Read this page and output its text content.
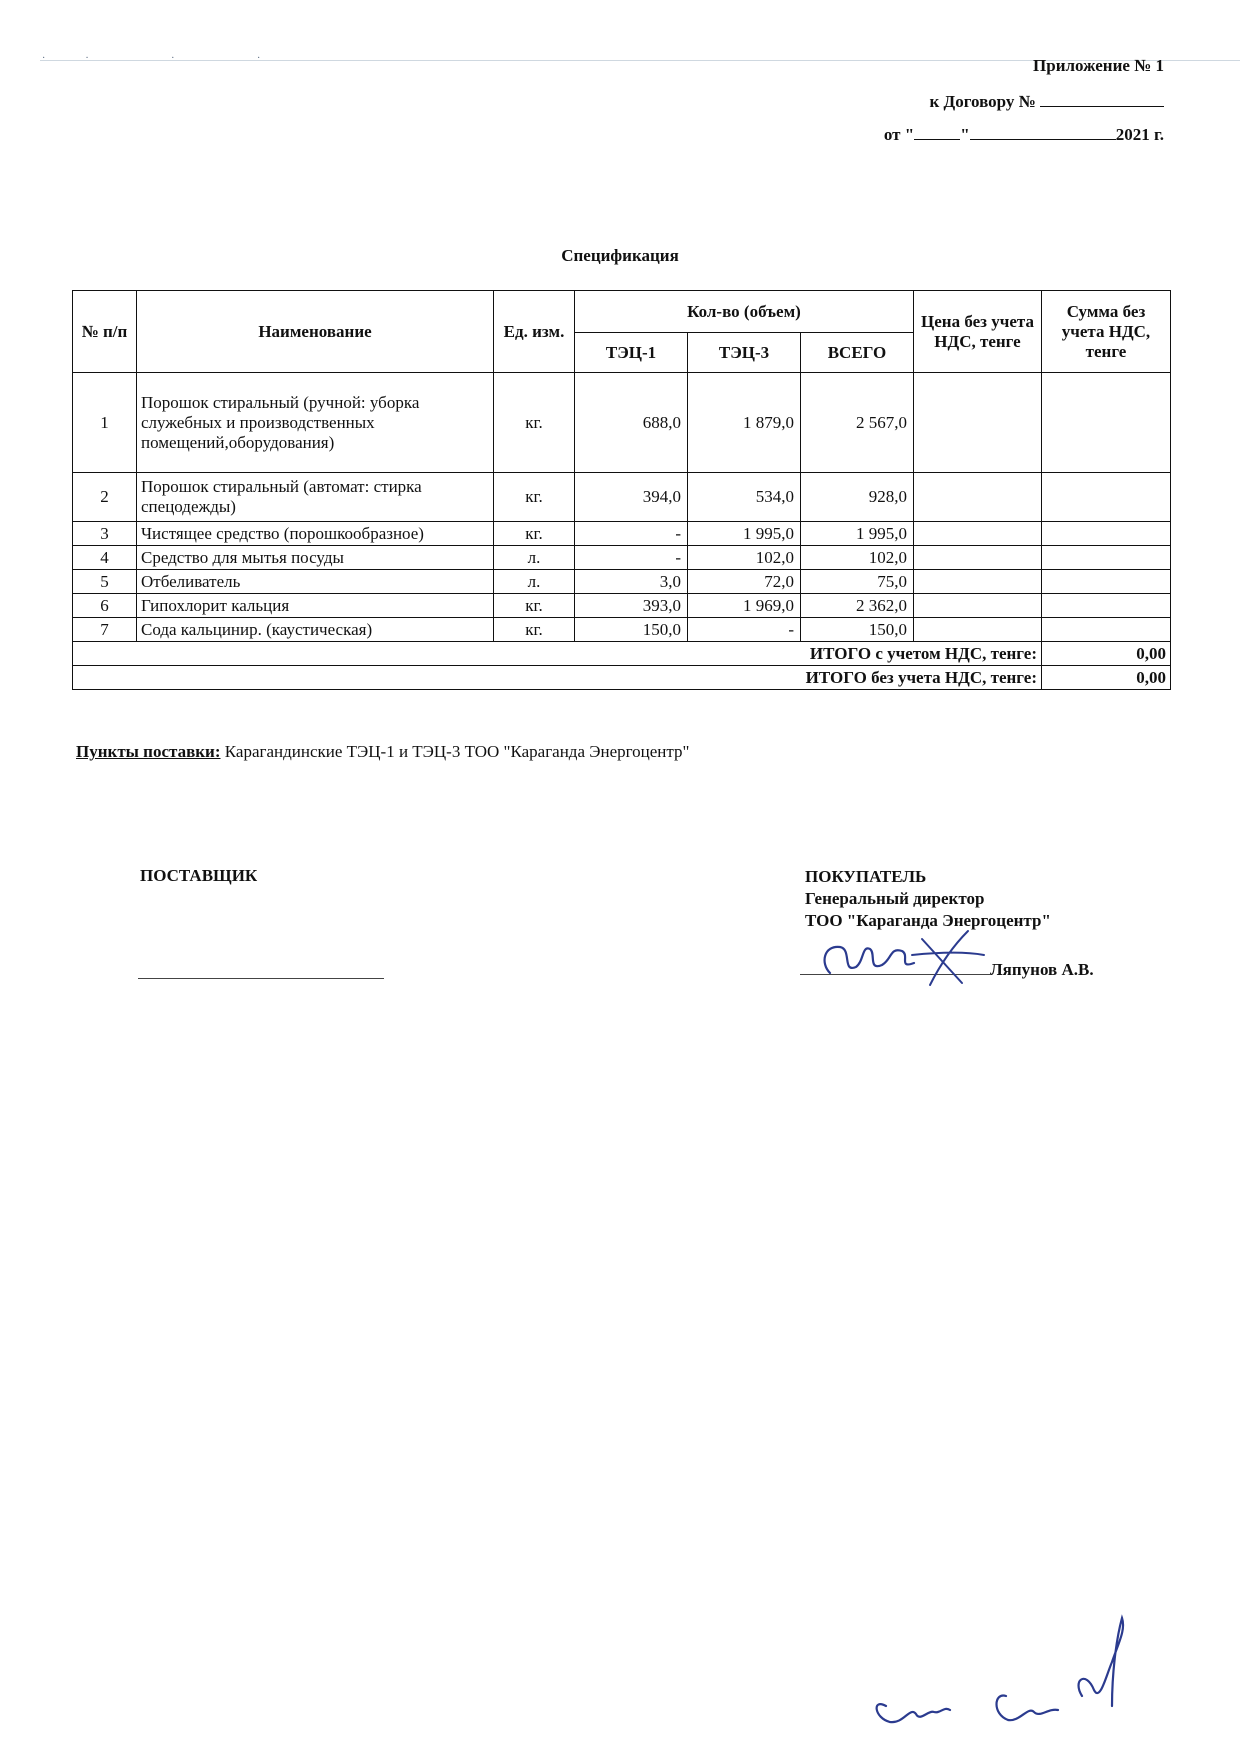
·· · ·	Приложение № 1
к Договору №
от "	"	2021 г.
Спецификация
№ п/п	Наименование	Ед. изм.	Кол-во (объем)			Цена без учета НДС, тенге	Сумма без учета НДС, тенге
			ТЭЦ-1	ТЭЦ-3	ВСЕГО		
1	Порошок стиральный (ручной: уборка служебных и производственных помещений,оборудования)	кг.	688,0	1 879,0	2 567,0		
2	Порошок стиральный (автомат: стирка спецодежды)	кг.	394,0	534,0	928,0		
3	Чистящее средство (порошкообразное)	кг.	-	1 995,0	1 995,0		
4	Средство для мытья посуды	л.	-	102,0	102,0		
5	Отбеливатель	л.	3,0	72,0	75,0		
6	Гипохлорит кальция	кг.	393,0	1 969,0	2 362,0		
7	Сода кальцинир. (каустическая)	кг.	150,0	-	150,0		
ИТОГО с учетом НДС, тенге:							0,00
ИТОГО без учета НДС, тенге:							0,00
Пункты поставки: Карагандинские ТЭЦ-1 и ТЭЦ-3 ТОО "Караганда Энергоцентр"
ПОСТАВЩИК	ПОКУПАТЕЛЬ
Генеральный директор
ТОО "Караганда Энергоцентр"
Ляпунов А.В.
